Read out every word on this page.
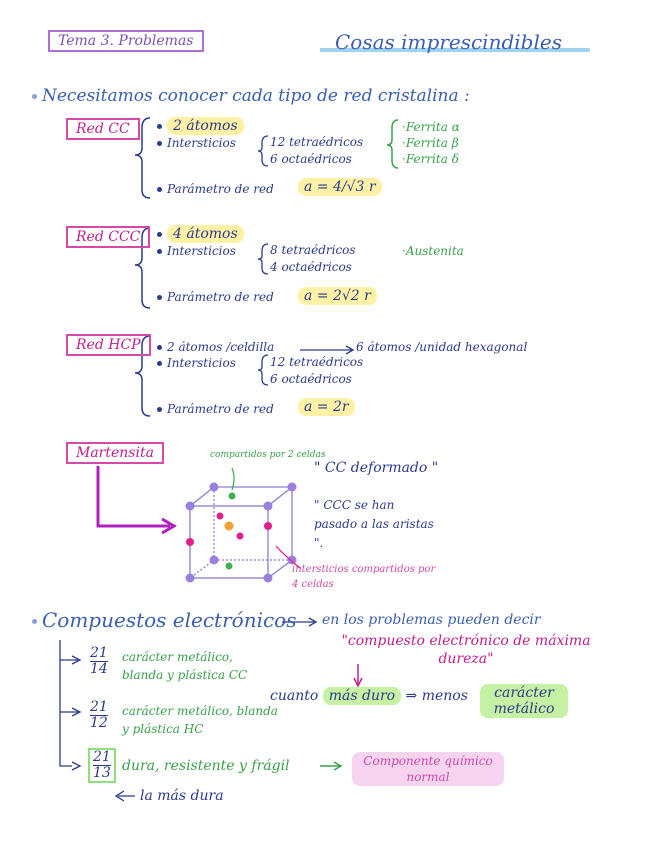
Tema 3. Problemas	Cosas imprescindibles
Necesitamos conocer cada tipo de red cristalina :
Red CC	2 átomos
Intersticios	12 tetraédricos
6 octaédricos
·Ferrita α
·Ferrita β
·Ferrita δ
Parámetro de red	a = 4/√3 r
Red CCC	4 átomos
Intersticios	8 tetraédricos
4 octaédricos
·Austenita
Parámetro de red	a = 2√2 r
Red HCP	2 átomos /celdilla	6 átomos /unidad hexagonal
Intersticios	12 tetraédricos
6 octaédricos
Parámetro de red	a = 2r
Martensita	compartidos por 2 celdas
" CC deformado "
" CCC se han pasado a las aristas ".
intersticios compartidos por 4 celdas
Compuestos electrónicos en los problemas pueden decir
"compuesto electrónico de máxima dureza"
$\frac{21}{14}$ carácter metálico, blanda y plástica CC
$\frac{21}{12}$ carácter metálico, blanda y plástica HC
$\frac{21}{13}$ dura, resistente y frágil
cuanto más duro ⇒ menos	carácter metálico
Componente químico normal
la más dura
